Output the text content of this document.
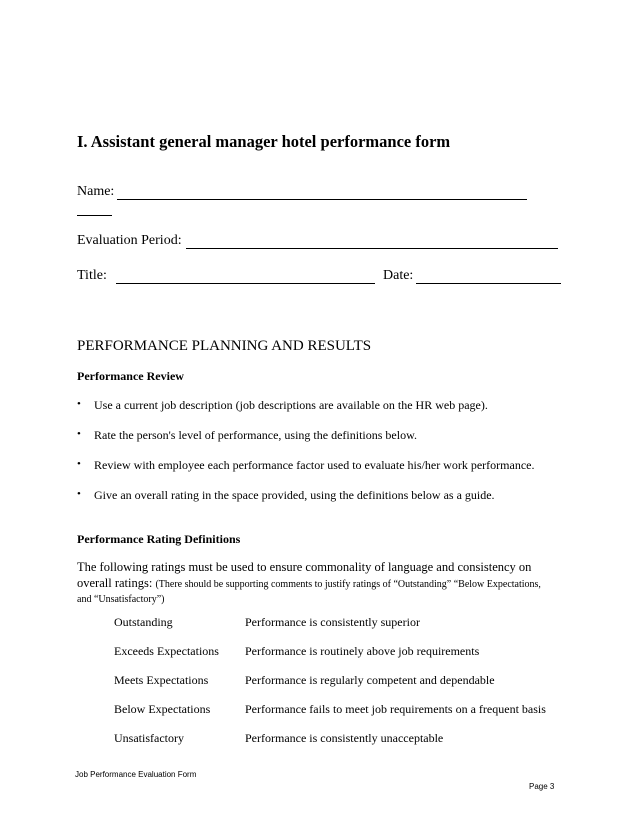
I. Assistant general manager hotel performance form
Name:
Evaluation Period:
Title:	Date:
PERFORMANCE PLANNING AND RESULTS
Performance Review
•	Use a current job description (job descriptions are available on the HR web page).
•	Rate the person's level of performance, using the definitions below.
•	Review with employee each performance factor used to evaluate his/her work performance.
•	Give an overall rating in the space provided, using the definitions below as a guide.
Performance Rating Definitions
The following ratings must be used to ensure commonality of language and consistency on
overall ratings: (There should be supporting comments to justify ratings of “Outstanding” “Below Expectations,
and “Unsatisfactory”)
Outstanding	Performance is consistently superior
Exceeds Expectations Performance is routinely above job requirements
Meets Expectations	Performance is regularly competent and dependable
Below Expectations	Performance fails to meet job requirements on a frequent basis
Unsatisfactory	Performance is consistently unacceptable
Job Performance Evaluation Form
Page 3
